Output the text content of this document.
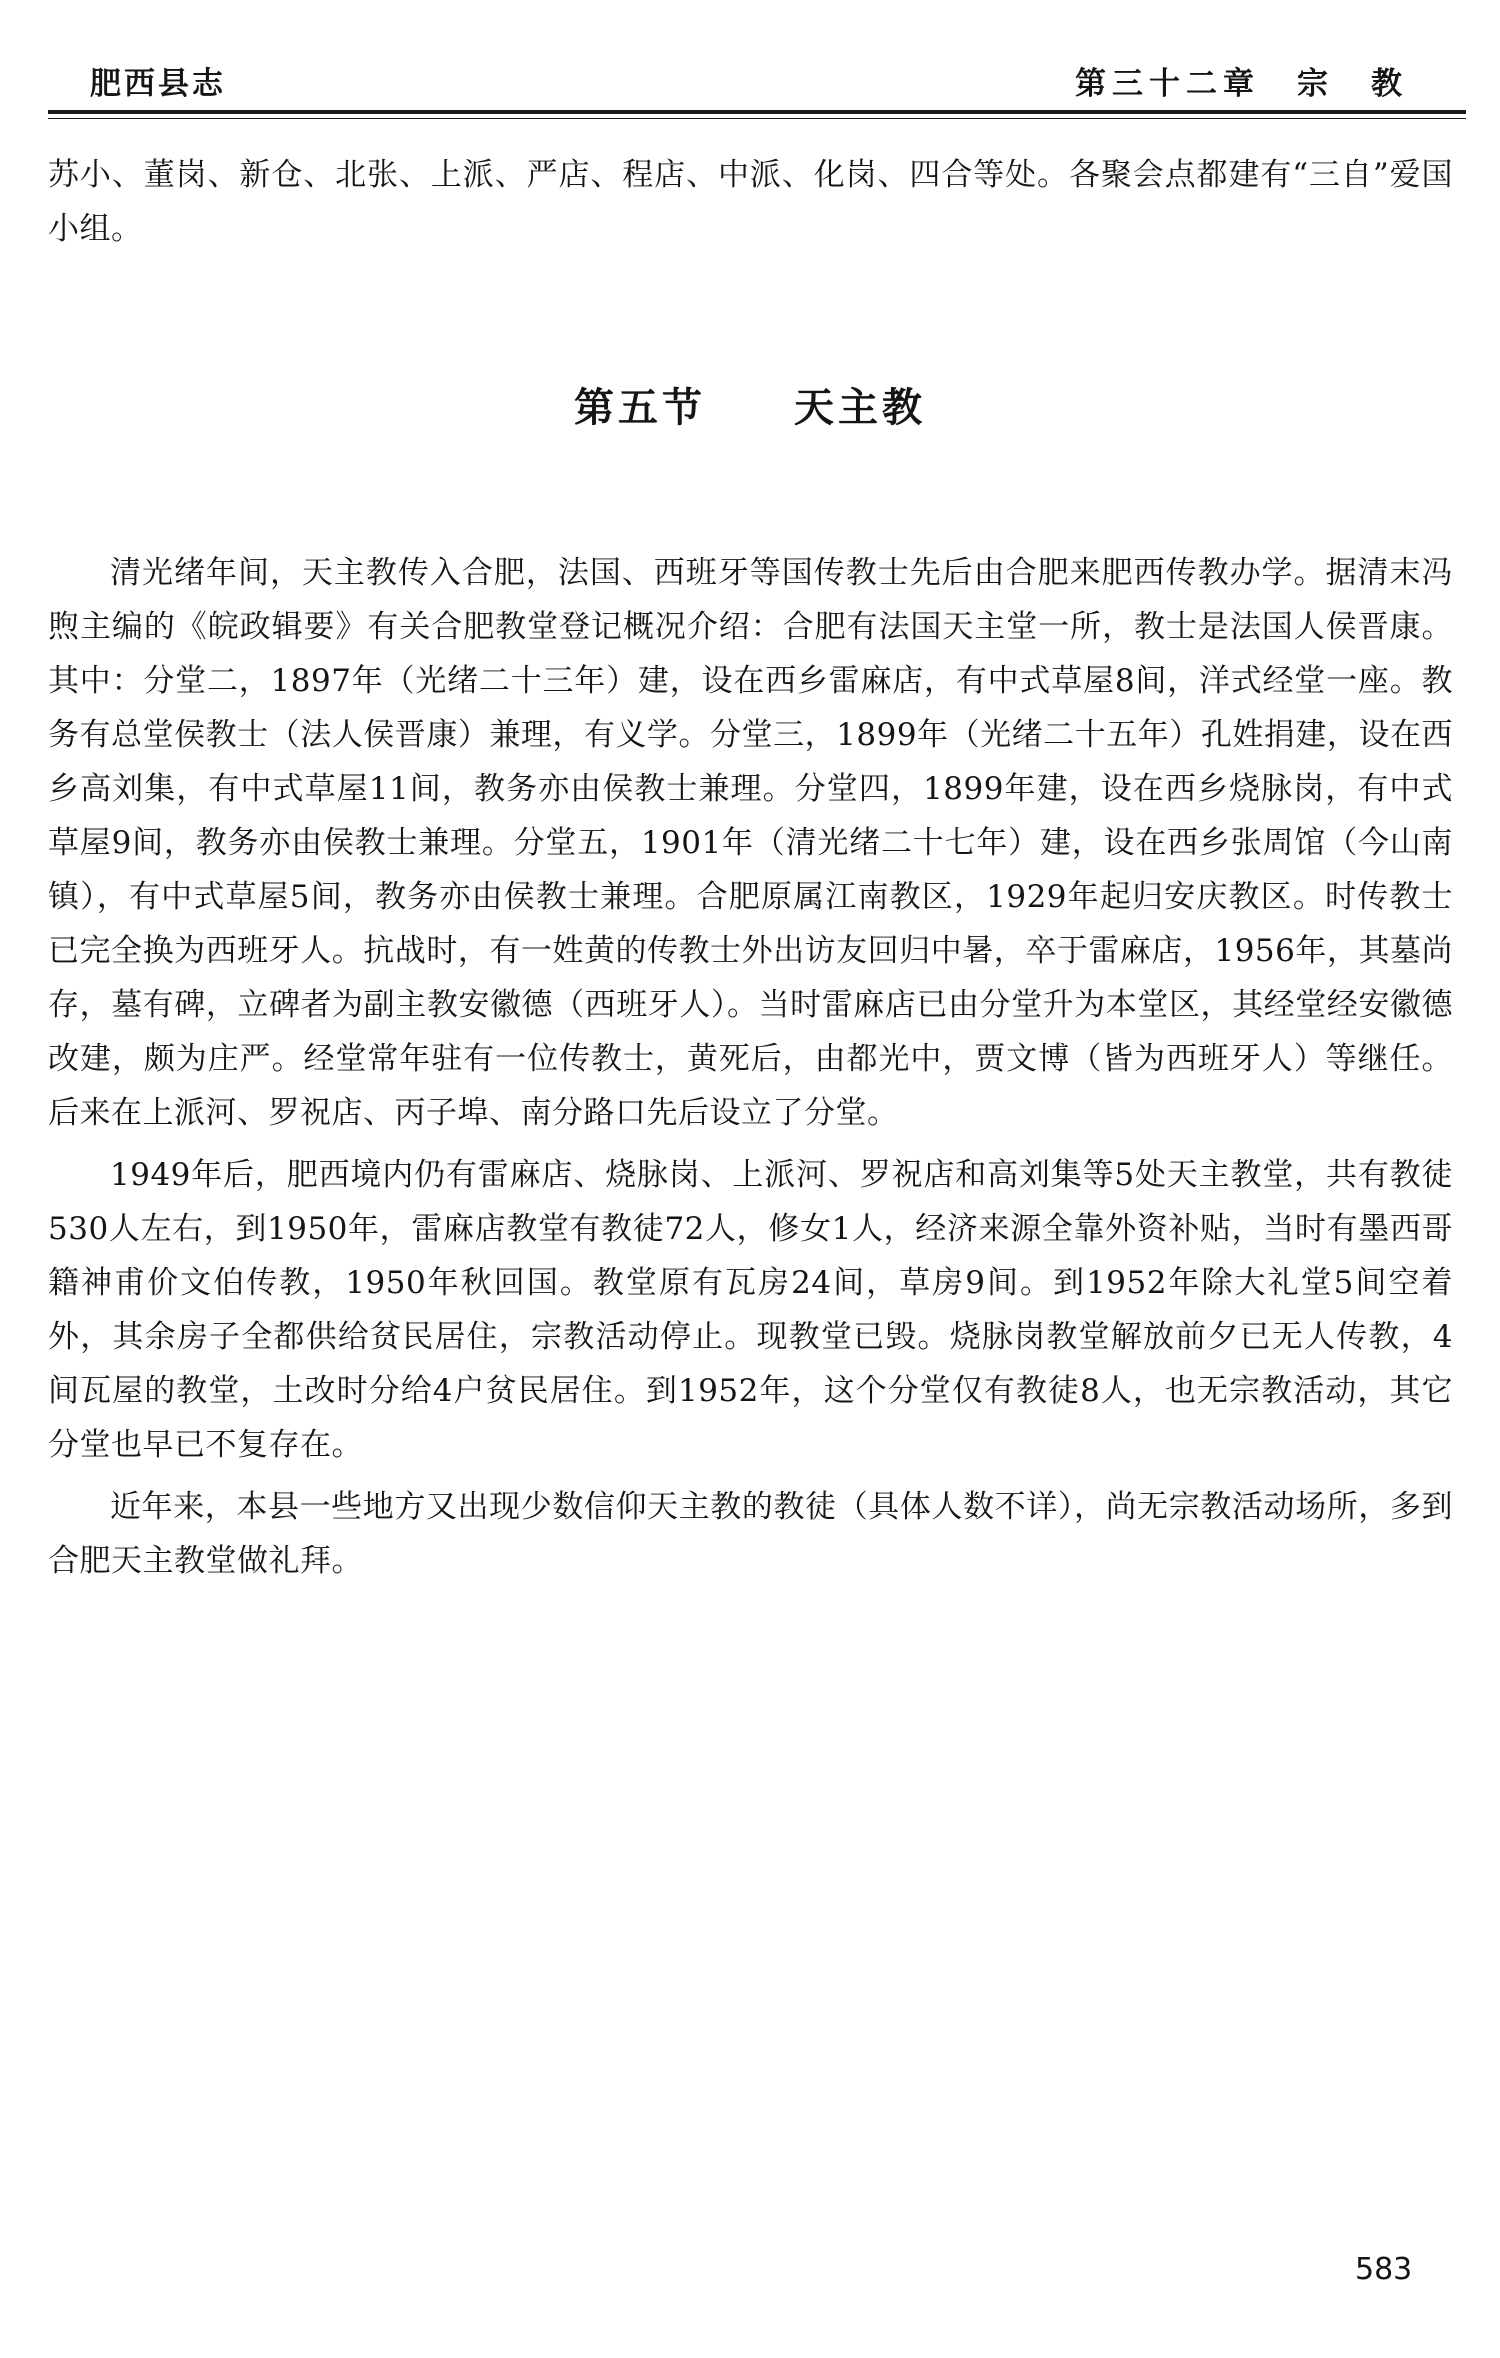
肥西县志	第三十二章　宗　教
苏小、董岗、新仓、北张、上派、严店、程店、中派、化岗、四合等处。各聚会点都建有“三自”爱国小组。
第五节　　天主教

清光绪年间，天主教传入合肥，法国、西班牙等国传教士先后由合肥来肥西传教办学。据清末冯煦主编的《皖政辑要》有关合肥教堂登记概况介绍：合肥有法国天主堂一所，教士是法国人侯晋康。其中：分堂二，1897年（光绪二十三年）建，设在西乡雷麻店，有中式草屋8间，洋式经堂一座。教务有总堂侯教士（法人侯晋康）兼理，有义学。分堂三，1899年（光绪二十五年）孔姓捐建，设在西乡高刘集，有中式草屋11间，教务亦由侯教士兼理。分堂四，1899年建，设在西乡烧脉岗，有中式草屋9间，教务亦由侯教士兼理。分堂五，1901年（清光绪二十七年）建，设在西乡张周馆（今山南镇），有中式草屋5间，教务亦由侯教士兼理。合肥原属江南教区，1929年起归安庆教区。时传教士已完全换为西班牙人。抗战时，有一姓黄的传教士外出访友回归中暑，卒于雷麻店，1956年，其墓尚存，墓有碑，立碑者为副主教安徽德（西班牙人）。当时雷麻店已由分堂升为本堂区，其经堂经安徽德改建，颇为庄严。经堂常年驻有一位传教士，黄死后，由都光中，贾文博（皆为西班牙人）等继任。后来在上派河、罗祝店、丙子埠、南分路口先后设立了分堂。

1949年后，肥西境内仍有雷麻店、烧脉岗、上派河、罗祝店和高刘集等5处天主教堂，共有教徒530人左右，到1950年，雷麻店教堂有教徒72人，修女1人，经济来源全靠外资补贴，当时有墨西哥籍神甫价文伯传教，1950年秋回国。教堂原有瓦房24间，草房9间。到1952年除大礼堂5间空着外，其余房子全都供给贫民居住，宗教活动停止。现教堂已毁。烧脉岗教堂解放前夕已无人传教，4间瓦屋的教堂，土改时分给4户贫民居住。到1952年，这个分堂仅有教徒8人，也无宗教活动，其它分堂也早已不复存在。

近年来，本县一些地方又出现少数信仰天主教的教徒（具体人数不详），尚无宗教活动场所，多到合肥天主教堂做礼拜。

583
